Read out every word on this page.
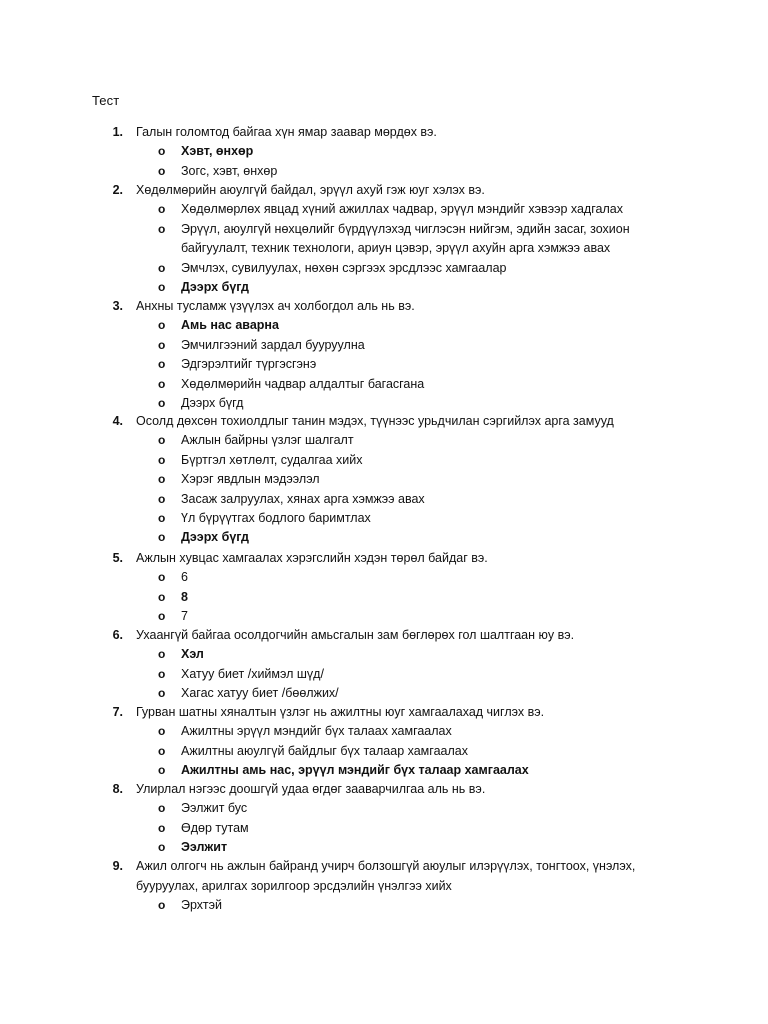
Тест
1. Галын голомтод байгаа хүн ямар заавар мөрдөх вэ.
o Хэвт, өнхөр
o Зогс, хэвт, өнхөр
2. Хөдөлмөрийн аюулгүй байдал, эрүүл ахуй гэж юуг хэлэх вэ.
o Хөдөлмөрлөх явцад хүний ажиллах чадвар, эрүүл мэндийг хэвээр хадгалах
o Эрүүл, аюулгүй нөхцөлийг бүрдүүлэхэд чиглэсэн нийгэм, эдийн засаг, зохион байгуулалт, техник технологи, ариун цэвэр, эрүүл ахуйн арга хэмжээ авах
o Эмчлэх, сувилуулах, нөхөн сэргээх эрсдлээс хамгаалар
o Дээрх бүгд
3. Анхны тусламж үзүүлэх ач холбогдол аль нь вэ.
o Амь нас аварна
o Эмчилгээний зардал бууруулна
o Эдгэрэлтийг түргэсгэнэ
o Хөдөлмөрийн чадвар алдалтыг багасгана
o Дээрх бүгд
4. Осолд дөхсөн тохиолдлыг танин мэдэх, түүнээс урьдчилан сэргийлэх арга замууд
o Ажлын байрны үзлэг шалгалт
o Бүртгэл хөтлөлт, судалгаа хийх
o Хэрэг явдлын мэдээлэл
o Засаж залруулах, хянах арга хэмжээ авах
o Үл бүрүүтгах бодлого баримтлах
o Дээрх бүгд
5. Ажлын хувцас хамгаалах хэрэгслийн хэдэн төрөл байдаг вэ.
o 6
o 8
o 7
6. Ухаангүй байгаа осолдогчийн амьсгалын зам бөглөрөх гол шалтгаан юу вэ.
o Хэл
o Хатуу биет /хиймэл шүд/
o Хагас хатуу биет /бөөлжих/
7. Гурван шатны хяналтын үзлэг нь ажилтны юуг хамгаалахад чиглэх вэ.
o Ажилтны эрүүл мэндийг бүх талаах хамгаалах
o Ажилтны аюулгүй байдлыг бүх талаар хамгаалах
o Ажилтны амь нас, эрүүл мэндийг бүх талаар хамгаалах
8. Улирлал нэгээс доошгүй удаа өгдөг зааварчилгаа аль нь вэ.
o Ээлжит бус
o Өдөр тутам
o Ээлжит
9. Ажил олгогч нь ажлын байранд учирч болзошгүй аюулыг илэрүүлэх, тонгтоох, үнэлэх, бууруулах, арилгах зорилгоор эрсдэлийн үнэлгээ хийх
o Эрхтэй
